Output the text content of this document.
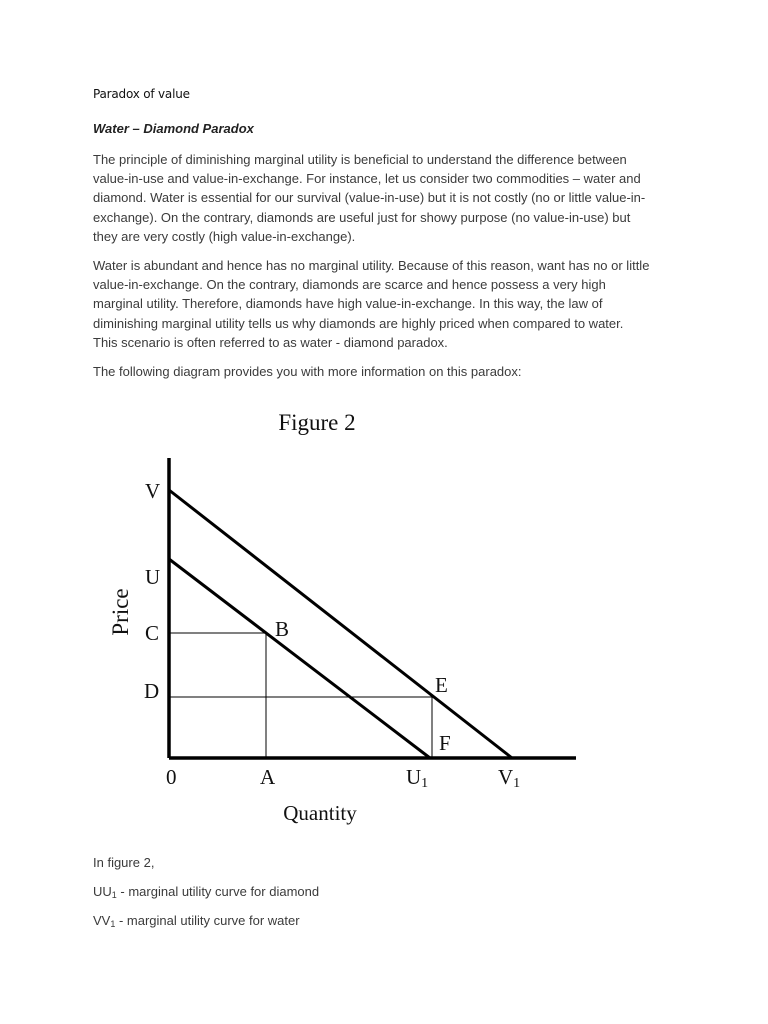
Paradox of value
Water – Diamond Paradox
The principle of diminishing marginal utility is beneficial to understand the difference between
value-in-use and value-in-exchange. For instance, let us consider two commodities – water and
diamond. Water is essential for our survival (value-in-use) but it is not costly (no or little value-in-
exchange). On the contrary, diamonds are useful just for showy purpose (no value-in-use) but
they are very costly (high value-in-exchange).
Water is abundant and hence has no marginal utility. Because of this reason, want has no or little
value-in-exchange. On the contrary, diamonds are scarce and hence possess a very high
marginal utility. Therefore, diamonds have high value-in-exchange. In this way, the law of
diminishing marginal utility tells us why diamonds are highly priced when compared to water.
This scenario is often referred to as water - diamond paradox.
The following diagram provides you with more information on this paradox:
Figure 2
Price
V
U
C
D
B
E
F
0	A	U1	V1
Quantity
In figure 2,
$UU_1$ - marginal utility curve for diamond
$VV_1$ - marginal utility curve for water
